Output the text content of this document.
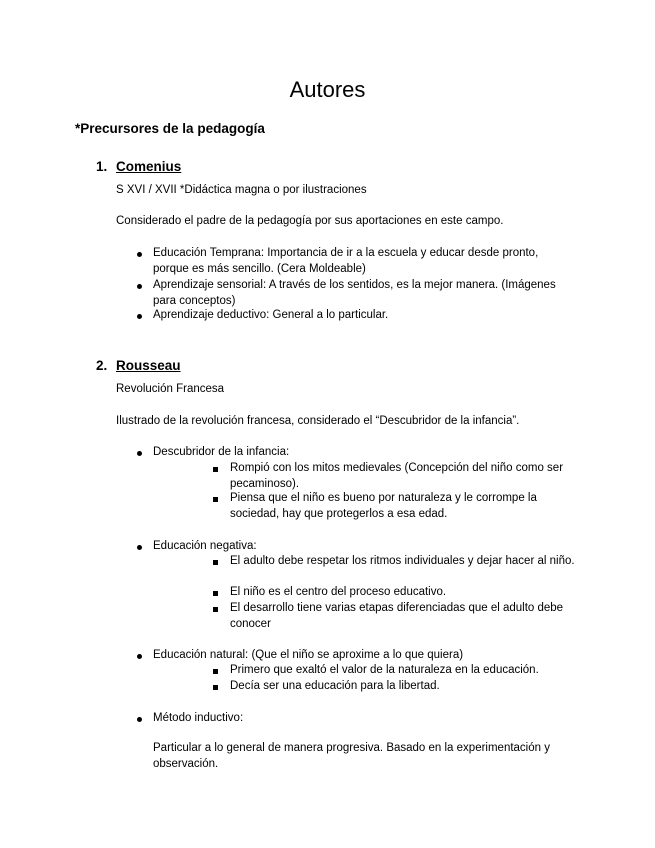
Autores
*Precursores de la pedagogía
1. Comenius
S XVI / XVII *Didáctica magna o por ilustraciones
Considerado el padre de la pedagogía por sus aportaciones en este campo.
Educación Temprana: Importancia de ir a la escuela y educar desde pronto, porque es más sencillo. (Cera Moldeable)
Aprendizaje sensorial: A través de los sentidos, es la mejor manera. (Imágenes para conceptos)
Aprendizaje deductivo: General a lo particular.
2. Rousseau
Revolución Francesa
Ilustrado de la revolución francesa, considerado el “Descubridor de la infancia”.
Descubridor de la infancia:
Rompió con los mitos medievales (Concepción del niño como ser pecaminoso).
Piensa que el niño es bueno por naturaleza y le corrompe la sociedad, hay que protegerlos a esa edad.
Educación negativa:
El adulto debe respetar los ritmos individuales y dejar hacer al niño.
El niño es el centro del proceso educativo.
El desarrollo tiene varias etapas diferenciadas que el adulto debe conocer
Educación natural: (Que el niño se aproxime a lo que quiera)
Primero que exaltó el valor de la naturaleza en la educación.
Decía ser una educación para la libertad.
Método inductivo:
Particular a lo general de manera progresiva. Basado en la experimentación y observación.
